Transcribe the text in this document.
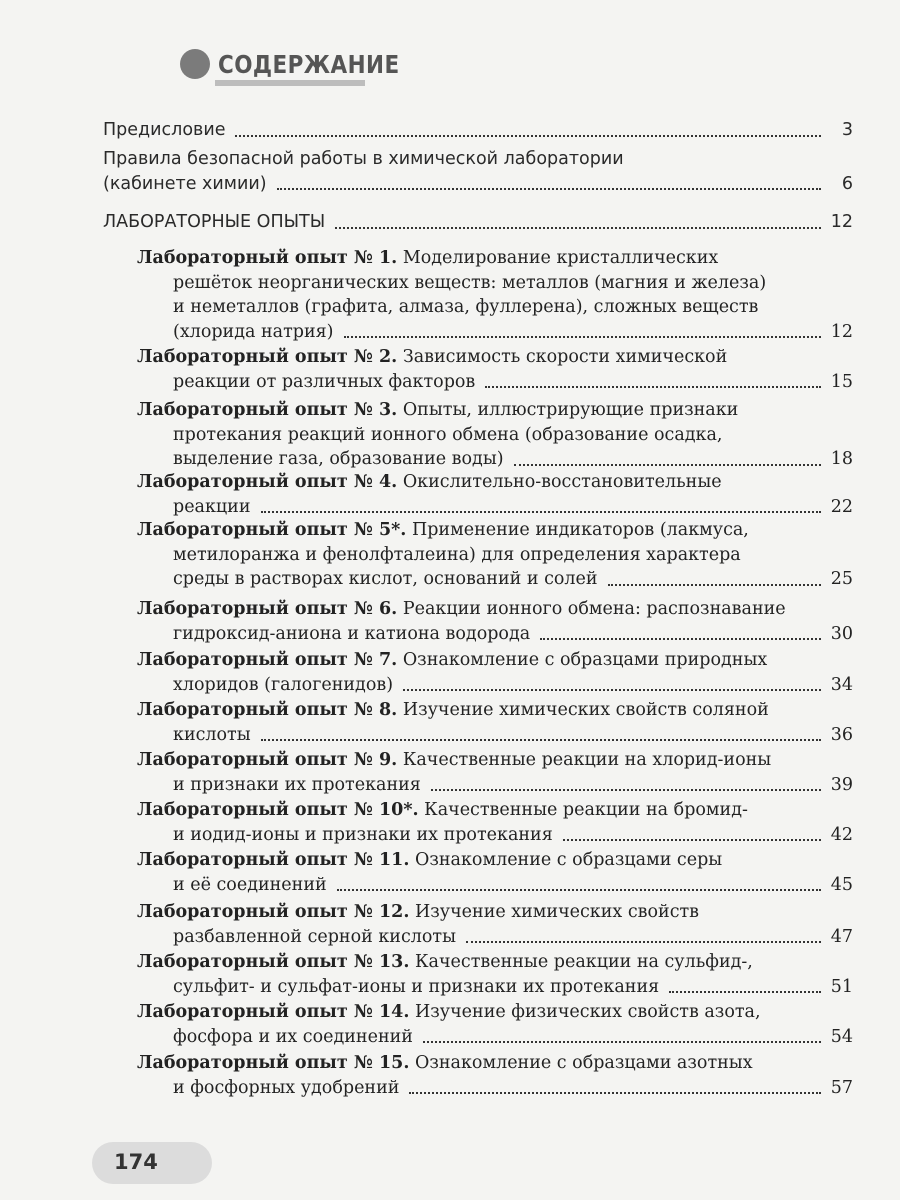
СОДЕРЖАНИЕ
Предисловие	3
Правила безопасной работы в химической лаборатории
(кабинете химии)	6
ЛАБОРАТОРНЫЕ ОПЫТЫ	12
Лабораторный опыт № 1. Моделирование кристаллических
решёток неорганических веществ: металлов (магния и железа)
и неметаллов (графита, алмаза, фуллерена), сложных веществ
(хлорида натрия)	12
Лабораторный опыт № 2. Зависимость скорости химической
реакции от различных факторов	15
Лабораторный опыт № 3. Опыты, иллюстрирующие признаки
протекания реакций ионного обмена (образование осадка,
выделение газа, образование воды)	18
Лабораторный опыт № 4. Окислительно-восстановительные
реакции	22
Лабораторный опыт № 5*. Применение индикаторов (лакмуса,
метилоранжа и фенолфталеина) для определения характера
среды в растворах кислот, оснований и солей	25
Лабораторный опыт № 6. Реакции ионного обмена: распознавание
гидроксид-аниона и катиона водорода	30
Лабораторный опыт № 7. Ознакомление с образцами природных
хлоридов (галогенидов)	34
Лабораторный опыт № 8. Изучение химических свойств соляной
кислоты	36
Лабораторный опыт № 9. Качественные реакции на хлорид-ионы
и признаки их протекания	39
Лабораторный опыт № 10*. Качественные реакции на бромид-
и иодид-ионы и признаки их протекания	42
Лабораторный опыт № 11. Ознакомление с образцами серы
и её соединений	45
Лабораторный опыт № 12. Изучение химических свойств
разбавленной серной кислоты	47
Лабораторный опыт № 13. Качественные реакции на сульфид-,
сульфит- и сульфат-ионы и признаки их протекания	51
Лабораторный опыт № 14. Изучение физических свойств азота,
фосфора и их соединений	54
Лабораторный опыт № 15. Ознакомление с образцами азотных
и фосфорных удобрений	57
174
